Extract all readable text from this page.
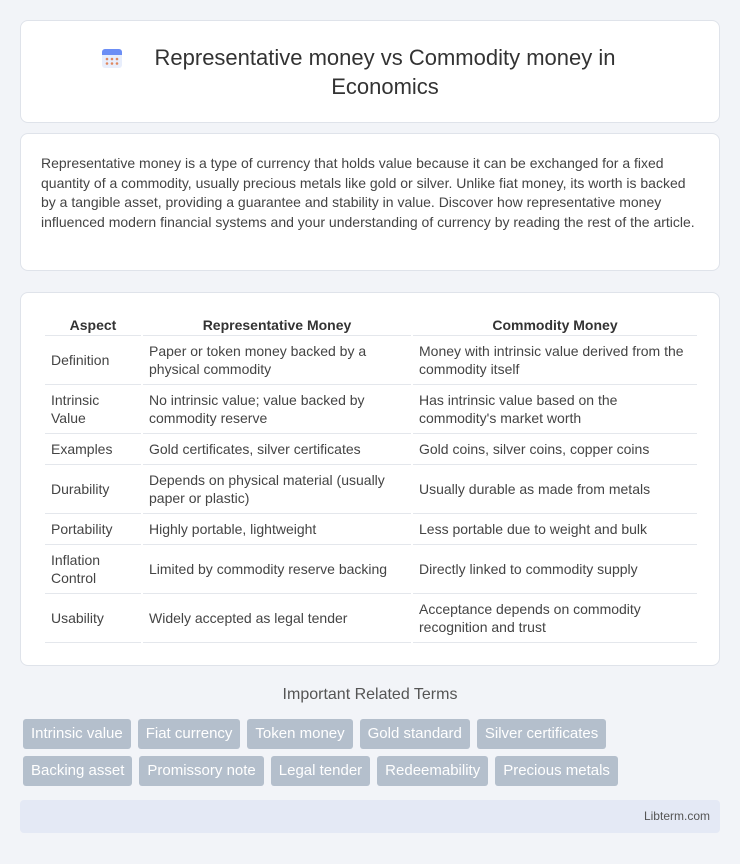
Representative money vs Commodity money in Economics

Representative money is a type of currency that holds value because it can be exchanged for a fixed quantity of a commodity, usually precious metals like gold or silver. Unlike fiat money, its worth is backed by a tangible asset, providing a guarantee and stability in value. Discover how representative money influenced modern financial systems and your understanding of currency by reading the rest of the article.

Aspect	Representative Money	Commodity Money
Definition	Paper or token money backed by a physical commodity	Money with intrinsic value derived from the commodity itself
Intrinsic Value	No intrinsic value; value backed by commodity reserve	Has intrinsic value based on the commodity's market worth
Examples	Gold certificates, silver certificates	Gold coins, silver coins, copper coins
Durability	Depends on physical material (usually paper or plastic)	Usually durable as made from metals
Portability	Highly portable, lightweight	Less portable due to weight and bulk
Inflation Control	Limited by commodity reserve backing	Directly linked to commodity supply
Usability	Widely accepted as legal tender	Acceptance depends on commodity recognition and trust
Important Related Terms
Intrinsic value	Fiat currency	Token money	Gold standard	Silver certificates
Backing asset	Promissory note	Legal tender	Redeemability	Precious metals
Libterm.com
